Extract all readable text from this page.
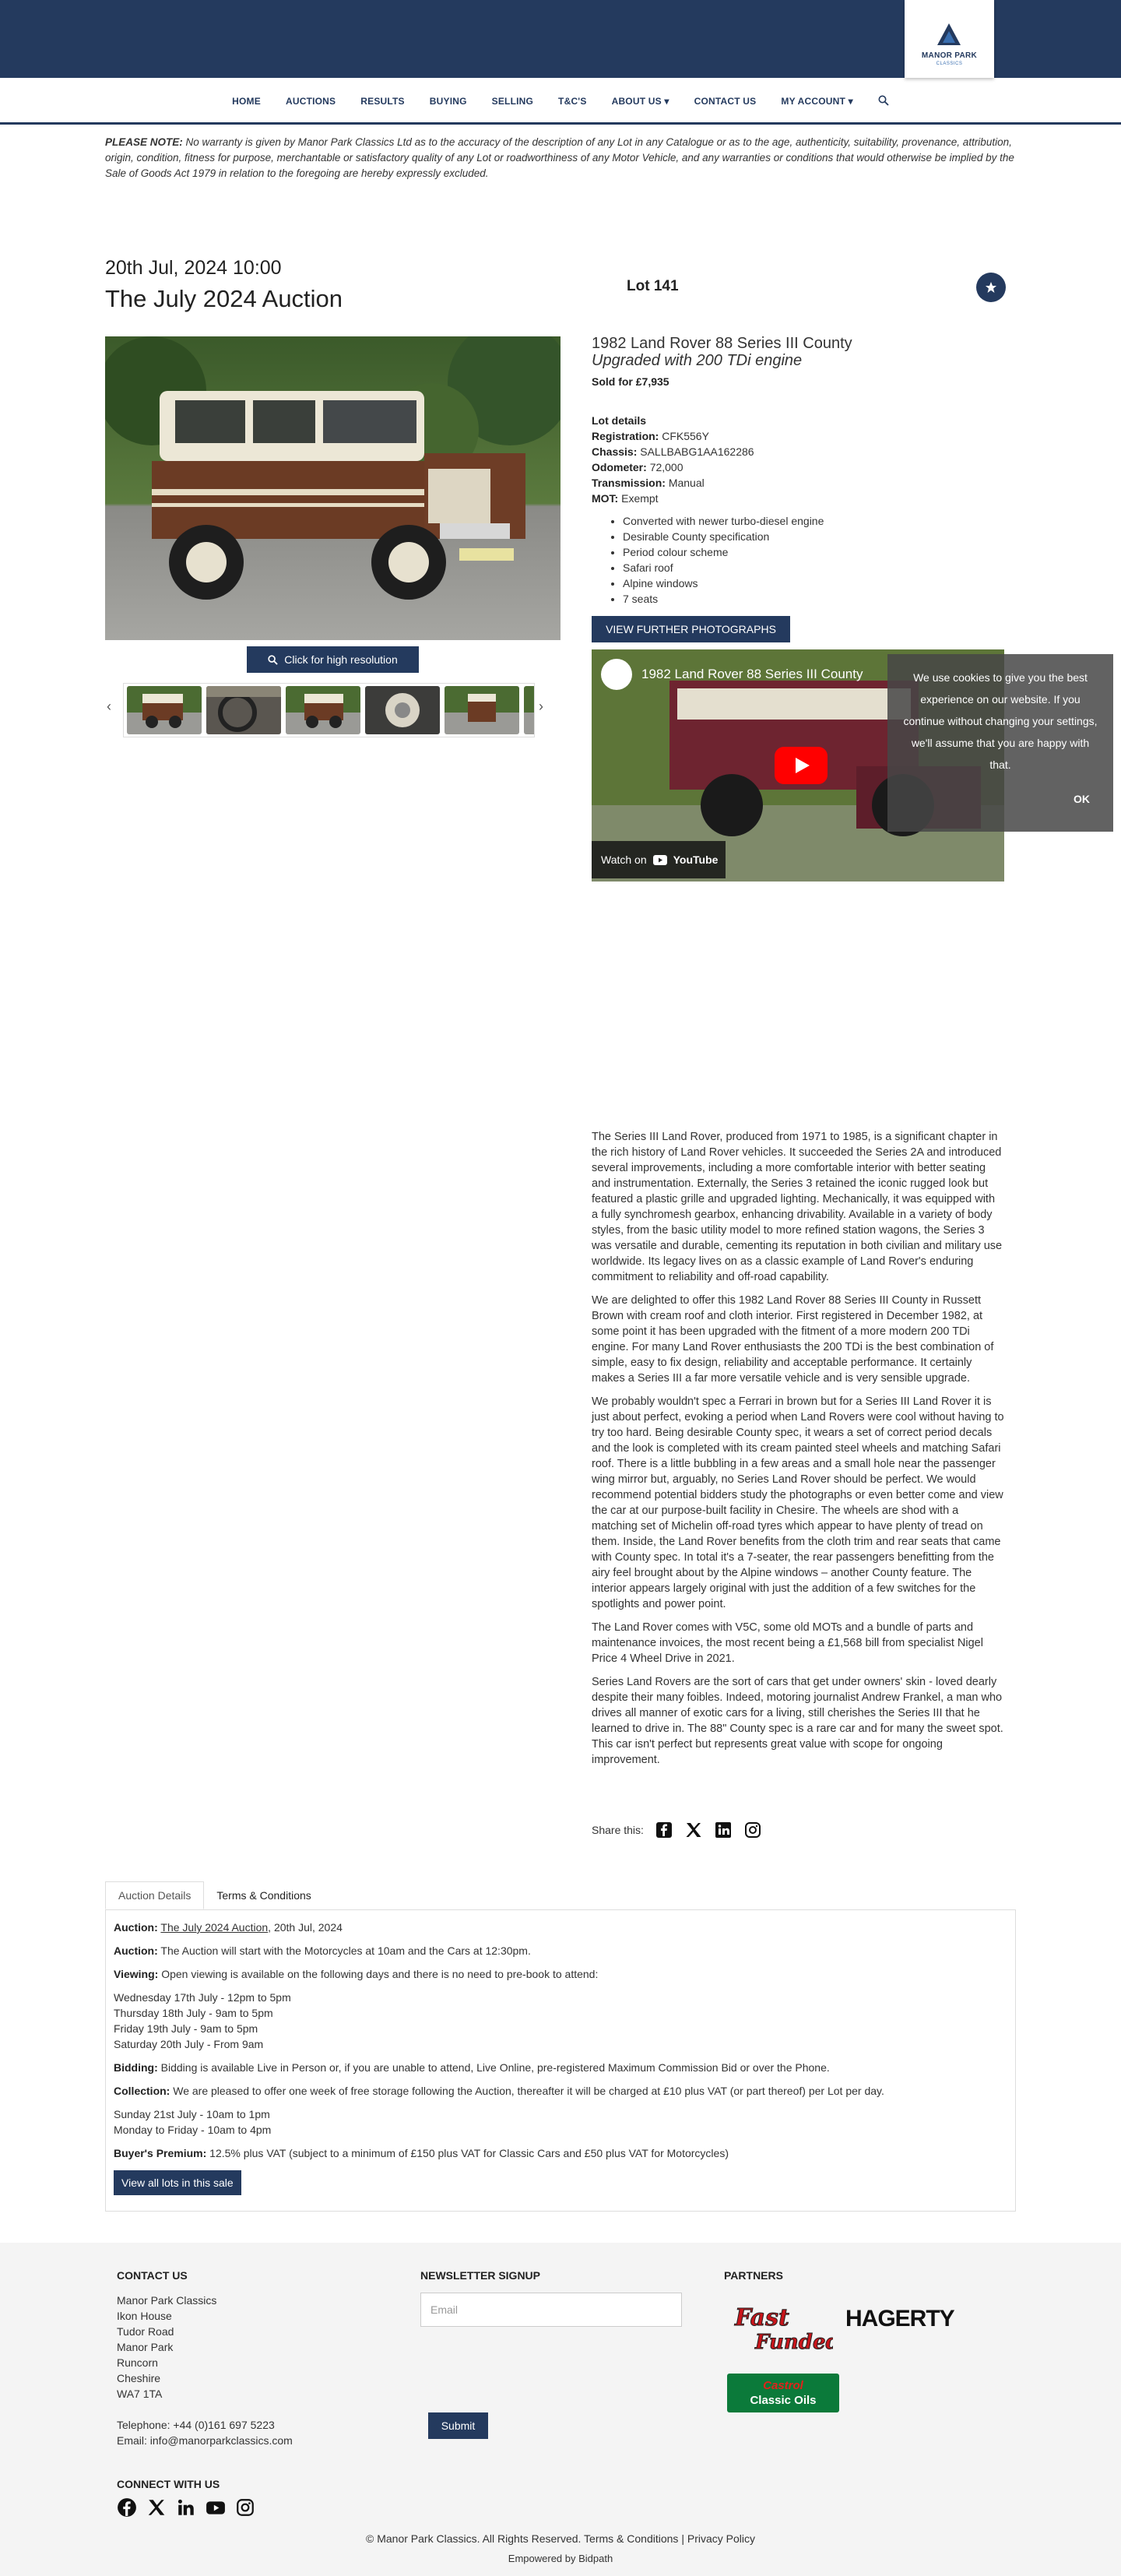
MANOR PARK
CLASSICS
HOME	AUCTIONS	RESULTS	BUYING	SELLING	T&C'S	ABOUT US ▾	CONTACT US	MY ACCOUNT ▾
PLEASE NOTE: No warranty is given by Manor Park Classics Ltd as to the accuracy of the description of any Lot in any Catalogue or as to the age, authenticity, suitability, provenance, attribution, origin, condition, fitness for purpose, merchantable or satisfactory quality of any Lot or roadworthiness of any Motor Vehicle, and any warranties or conditions that would otherwise be implied by the Sale of Goods Act 1979 in relation to the foregoing are hereby expressly excluded.
20th Jul, 2024 10:00
The July 2024 Auction
Click for high resolution
‹	›
Lot 141
1982 Land Rover 88 Series III County
Upgraded with 200 TDi engine
Sold for £7,935
Lot details
Registration: CFK556Y
Chassis: SALLBABG1AA162286
Odometer: 72,000
Transmission: Manual
MOT: Exempt
• Converted with newer turbo-diesel engine
• Desirable County specification
• Period colour scheme
• Safari roof
• Alpine windows
• 7 seats
VIEW FURTHER PHOTOGRAPHS
1982 Land Rover 88 Series III County
Watch on YouTube
We use cookies to give you the best experience on our website. If you continue without changing your settings, we'll assume that you are happy with that.
OK

The Series III Land Rover, produced from 1971 to 1985, is a significant chapter in the rich history of Land Rover vehicles. It succeeded the Series 2A and introduced several improvements, including a more comfortable interior with better seating and instrumentation. Externally, the Series 3 retained the iconic rugged look but featured a plastic grille and upgraded lighting. Mechanically, it was equipped with a fully synchromesh gearbox, enhancing drivability. Available in a variety of body styles, from the basic utility model to more refined station wagons, the Series 3 was versatile and durable, cementing its reputation in both civilian and military use worldwide. Its legacy lives on as a classic example of Land Rover's enduring commitment to reliability and off-road capability.

We are delighted to offer this 1982 Land Rover 88 Series III County in Russett Brown with cream roof and cloth interior. First registered in December 1982, at some point it has been upgraded with the fitment of a more modern 200 TDi engine. For many Land Rover enthusiasts the 200 TDi is the best combination of simple, easy to fix design, reliability and acceptable performance. It certainly makes a Series III a far more versatile vehicle and is very sensible upgrade.

We probably wouldn't spec a Ferrari in brown but for a Series III Land Rover it is just about perfect, evoking a period when Land Rovers were cool without having to try too hard. Being desirable County spec, it wears a set of correct period decals and the look is completed with its cream painted steel wheels and matching Safari roof. There is a little bubbling in a few areas and a small hole near the passenger wing mirror but, arguably, no Series Land Rover should be perfect. We would recommend potential bidders study the photographs or even better come and view the car at our purpose-built facility in Chesire. The wheels are shod with a matching set of Michelin off-road tyres which appear to have plenty of tread on them. Inside, the Land Rover benefits from the cloth trim and rear seats that came with County spec. In total it's a 7-seater, the rear passengers benefitting from the airy feel brought about by the Alpine windows – another County feature. The interior appears largely original with just the addition of a few switches for the spotlights and power point.

The Land Rover comes with V5C, some old MOTs and a bundle of parts and maintenance invoices, the most recent being a £1,568 bill from specialist Nigel Price 4 Wheel Drive in 2021.

Series Land Rovers are the sort of cars that get under owners' skin - loved dearly despite their many foibles. Indeed, motoring journalist Andrew Frankel, a man who drives all manner of exotic cars for a living, still cherishes the Series III that he learned to drive in. The 88" County spec is a rare car and for many the sweet spot. This car isn't perfect but represents great value with scope for ongoing improvement.

Share this:
Auction Details	Terms & Conditions

Auction: The July 2024 Auction, 20th Jul, 2024

Auction: The Auction will start with the Motorcycles at 10am and the Cars at 12:30pm.

Viewing: Open viewing is available on the following days and there is no need to pre-book to attend:

Wednesday 17th July - 12pm to 5pm
Thursday 18th July - 9am to 5pm
Friday 19th July - 9am to 5pm
Saturday 20th July - From 9am

Bidding: Bidding is available Live in Person or, if you are unable to attend, Live Online, pre-registered Maximum Commission Bid or over the Phone.

Collection: We are pleased to offer one week of free storage following the Auction, thereafter it will be charged at £10 plus VAT (or part thereof) per Lot per day.

Sunday 21st July - 10am to 1pm
Monday to Friday - 10am to 4pm

Buyer's Premium: 12.5% plus VAT (subject to a minimum of £150 plus VAT for Classic Cars and £50 plus VAT for Motorcycles)

View all lots in this sale
CONTACT US
Manor Park Classics
Ikon House
Tudor Road
Manor Park
Runcorn
Cheshire
WA7 1TA
Telephone: +44 (0)161 697 5223
Email: info@manorparkclassics.com
NEWSLETTER SIGNUP
Email
Submit
PARTNERS
Fast
Funded
HAGERTY
Castrol
Classic Oils
CONNECT WITH US
© Manor Park Classics. All Rights Reserved. Terms & Conditions | Privacy Policy
Empowered by Bidpath
